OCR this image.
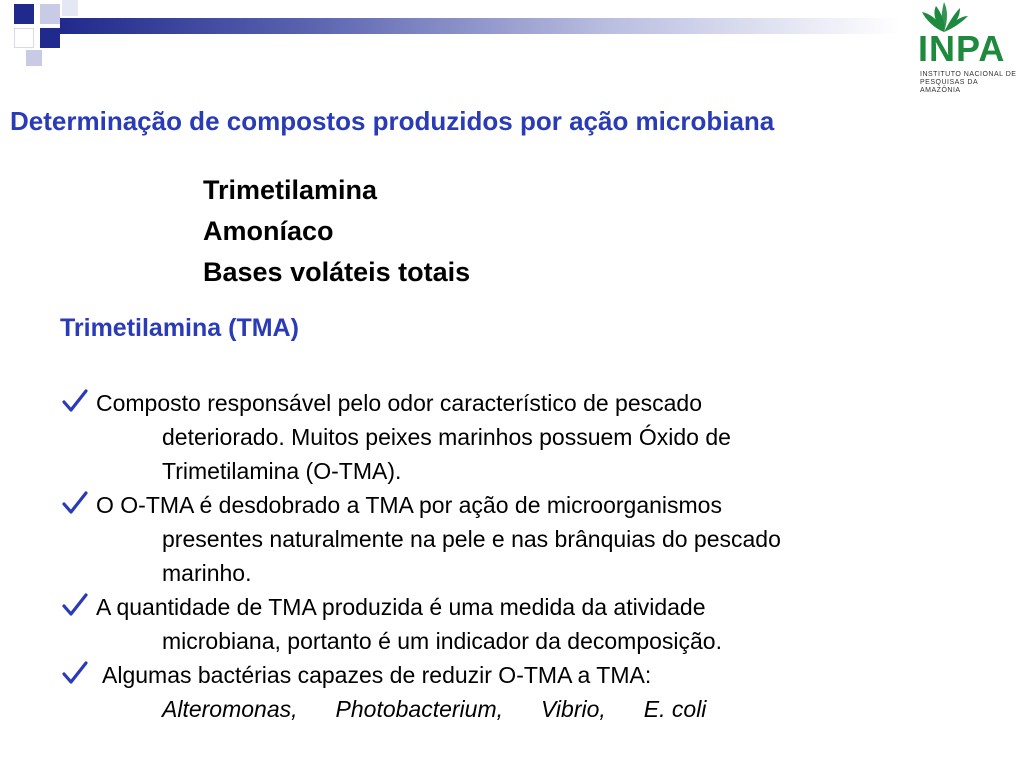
INPA
INSTITUTO NACIONAL DE
PESQUISAS DA AMAZÔNIA
Determinação de compostos produzidos por ação microbiana
Trimetilamina
Amoníaco
Bases voláteis totais
Trimetilamina (TMA)
Composto responsável pelo odor característico de pescado
deteriorado. Muitos peixes marinhos possuem Óxido de
Trimetilamina (O-TMA).
O O-TMA é desdobrado a TMA por ação de microorganismos
presentes naturalmente na pele e nas brânquias do pescado
marinho.
A quantidade de TMA produzida é uma medida da atividade
microbiana, portanto é um indicador da decomposição.
Algumas bactérias capazes de reduzir O-TMA a TMA:
Alteromonas, Photobacterium, Vibrio, E. coli
